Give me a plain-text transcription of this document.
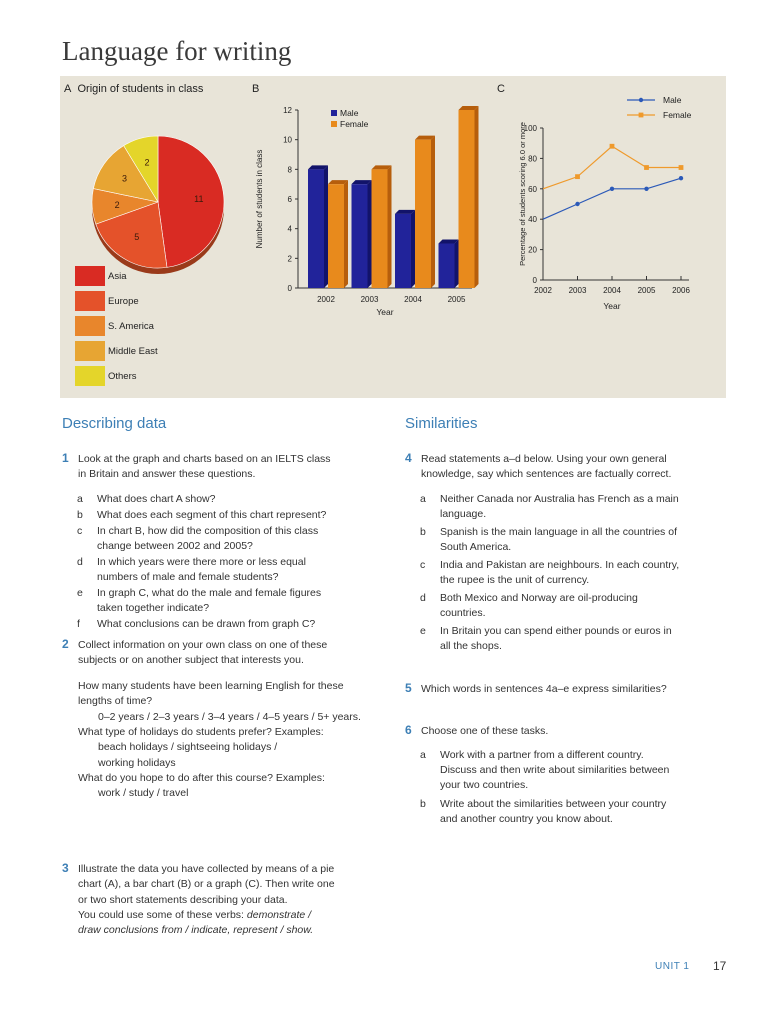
Language for writing
A Origin of students in class
11
5
2
3
2
Asia
Europe
S. America
Middle East
Others
B
0
2
4
6
8
10
12
2002	2003	2004	2005
Year
Number of students in class
Male
Female
C
0
20
40
60
80
100
2002 2003 2004 2005 2006
Year
Percentage of students scoring 6.0 or more
Male
Female
Describing data
1 Look at the graph and charts based on an IELTS class
in Britain and answer these questions.
a What does chart A show?
b What does each segment of this chart represent?
c In chart B, how did the composition of this class
change between 2002 and 2005?
d In which years were there more or less equal
numbers of male and female students?
e In graph C, what do the male and female figures
taken together indicate?
f What conclusions can be drawn from graph C?
2 Collect information on your own class on one of these
subjects or on another subject that interests you.
How many students have been learning English for these
lengths of time?
0–2 years / 2–3 years / 3–4 years / 4–5 years / 5+ years.
What type of holidays do students prefer? Examples:
beach holidays / sightseeing holidays /
working holidays
What do you hope to do after this course? Examples:
work / study / travel
3 Illustrate the data you have collected by means of a pie
chart (A), a bar chart (B) or a graph (C). Then write one
or two short statements describing your data.
You could use some of these verbs: demonstrate /
draw conclusions from / indicate, represent / show.
Similarities
4 Read statements a–d below. Using your own general
knowledge, say which sentences are factually correct.
a Neither Canada nor Australia has French as a main
language.
b Spanish is the main language in all the countries of
South America.
c India and Pakistan are neighbours. In each country,
the rupee is the unit of currency.
d Both Mexico and Norway are oil-producing
countries.
e In Britain you can spend either pounds or euros in
all the shops.
5 Which words in sentences 4a–e express similarities?
6 Choose one of these tasks.
a Work with a partner from a different country.
Discuss and then write about similarities between
your two countries.
b Write about the similarities between your country
and another country you know about.
UNIT 1 17
